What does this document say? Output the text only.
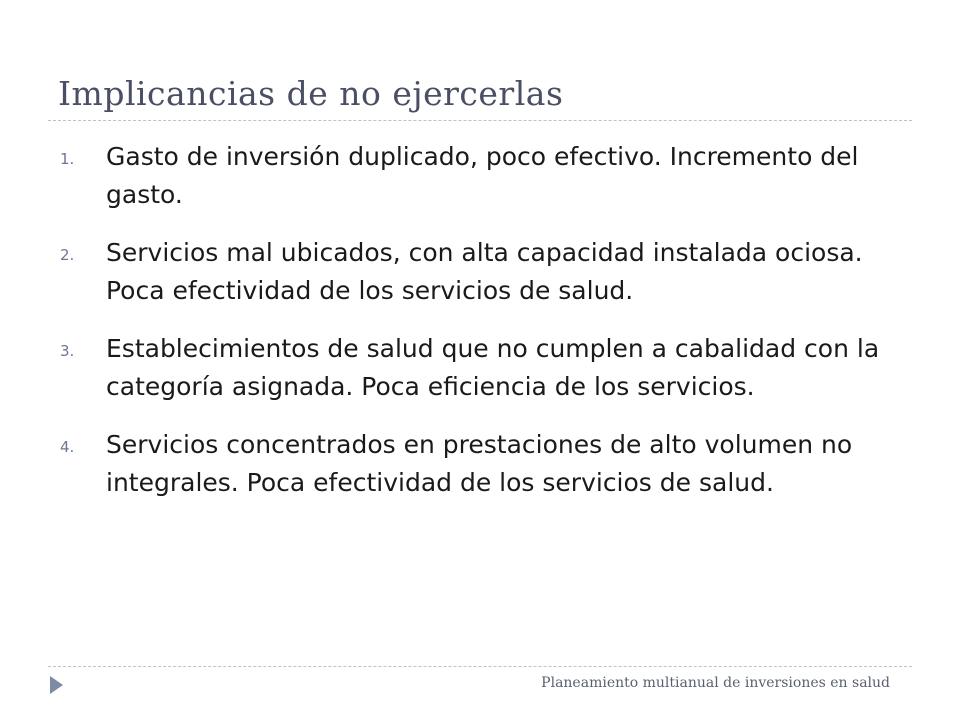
Implicancias de no ejercerlas
1. Gasto de inversión duplicado, poco efectivo. Incremento del gasto.
2. Servicios mal ubicados, con alta capacidad instalada ociosa. Poca efectividad de los servicios de salud.
3. Establecimientos de salud que no cumplen a cabalidad con la categoría asignada. Poca eficiencia de los servicios.
4. Servicios concentrados en prestaciones de alto volumen no integrales. Poca efectividad de los servicios de salud.
Planeamiento multianual de inversiones en salud
